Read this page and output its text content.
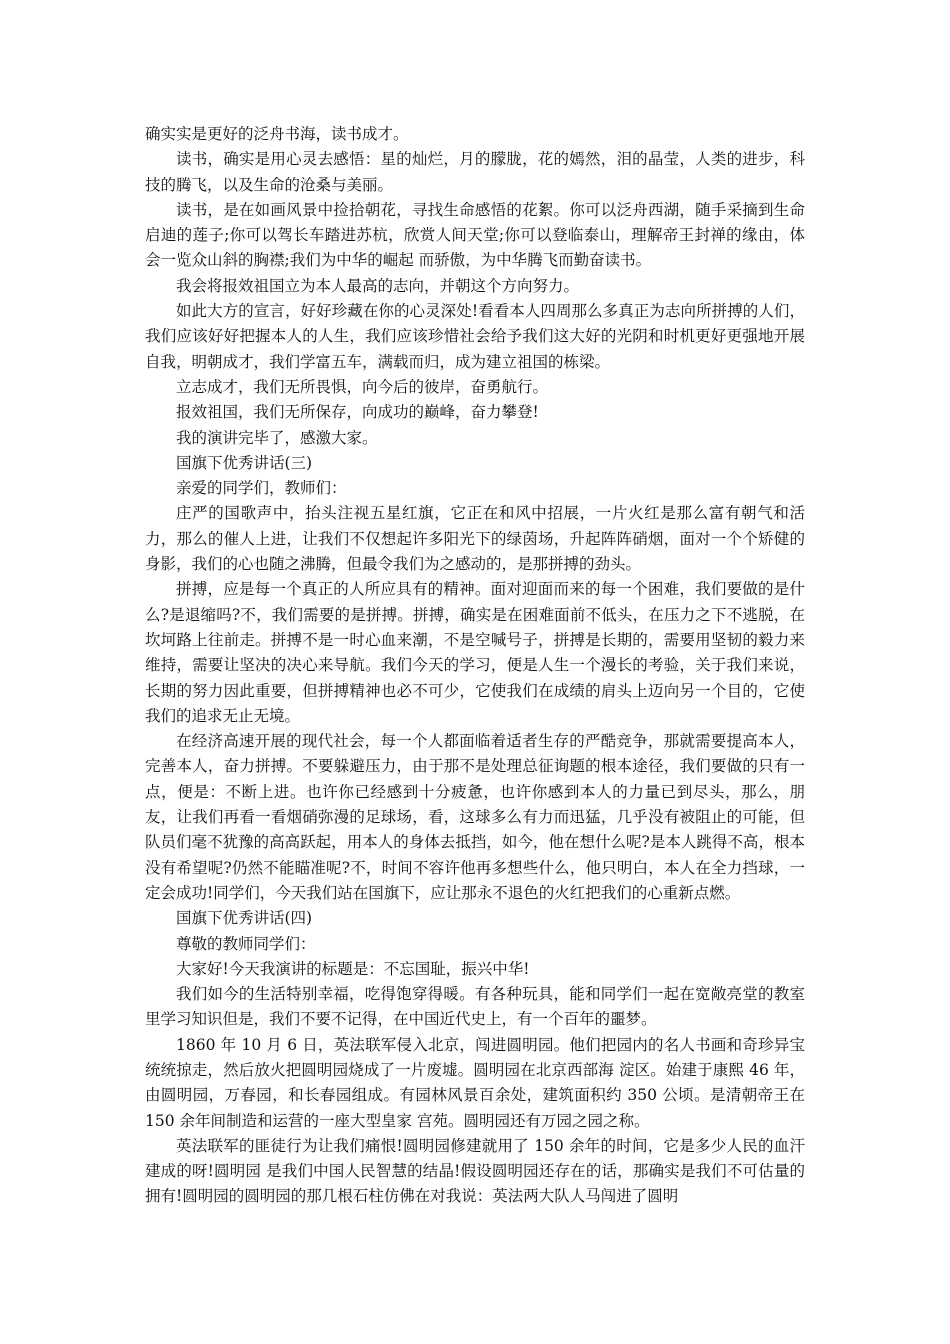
确实实是更好的泛舟书海，读书成才。

读书，确实是用心灵去感悟：星的灿烂，月的朦胧，花的嫣然，泪的晶莹，人类的进步，科技的腾飞，以及生命的沧桑与美丽。

读书，是在如画风景中捡拾朝花，寻找生命感悟的花絮。你可以泛舟西湖，随手采摘到生命启迪的莲子;你可以驾长车踏进苏杭，欣赏人间天堂;你可以登临泰山，理解帝王封禅的缘由，体会一览众山斜的胸襟;我们为中华的崛起 而骄傲，为中华腾飞而勤奋读书。

我会将报效祖国立为本人最高的志向，并朝这个方向努力。

如此大方的宣言，好好珍藏在你的心灵深处!看看本人四周那么多真正为志向所拼搏的人们，我们应该好好把握本人的人生，我们应该珍惜社会给予我们这大好的光阴和时机更好更强地开展自我，明朝成才，我们学富五车，满载而归，成为建立祖国的栋梁。

立志成才，我们无所畏惧，向今后的彼岸，奋勇航行。

报效祖国，我们无所保存，向成功的巅峰，奋力攀登!

我的演讲完毕了，感激大家。

国旗下优秀讲话(三)

亲爱的同学们，教师们：

庄严的国歌声中，抬头注视五星红旗，它正在和风中招展，一片火红是那么富有朝气和活力，那么的催人上进，让我们不仅想起许多阳光下的绿茵场，升起阵阵硝烟，面对一个个矫健的身影，我们的心也随之沸腾，但最令我们为之感动的，是那拼搏的劲头。

拼搏，应是每一个真正的人所应具有的精神。面对迎面而来的每一个困难，我们要做的是什么?是退缩吗?不，我们需要的是拼搏。拼搏，确实是在困难面前不低头，在压力之下不逃脱，在坎坷路上往前走。拼搏不是一时心血来潮，不是空喊号子，拼搏是长期的，需要用坚韧的毅力来维持，需要让坚决的决心来导航。我们今天的学习，便是人生一个漫长的考验，关于我们来说，长期的努力因此重要，但拼搏精神也必不可少，它使我们在成绩的肩头上迈向另一个目的，它使我们的追求无止无境。

在经济高速开展的现代社会，每一个人都面临着适者生存的严酷竞争，那就需要提高本人，完善本人，奋力拼搏。不要躲避压力，由于那不是处理总征询题的根本途径，我们要做的只有一点，便是：不断上进。也许你已经感到十分疲惫，也许你感到本人的力量已到尽头，那么，朋友，让我们再看一看烟硝弥漫的足球场，看，这球多么有力而迅猛，几乎没有被阻止的可能，但队员们毫不犹豫的高高跃起，用本人的身体去抵挡，如今，他在想什么呢?是本人跳得不高，根本没有希望呢?仍然不能瞄准呢?不，时间不容许他再多想些什么，他只明白，本人在全力挡球，一定会成功!同学们，今天我们站在国旗下，应让那永不退色的火红把我们的心重新点燃。

国旗下优秀讲话(四)

尊敬的教师同学们：

大家好!今天我演讲的标题是：不忘国耻，振兴中华!

我们如今的生活特别幸福，吃得饱穿得暖。有各种玩具，能和同学们一起在宽敞亮堂的教室里学习知识但是，我们不要不记得，在中国近代史上，有一个百年的噩梦。

1860 年 10 月 6 日，英法联军侵入北京，闯进圆明园。他们把园内的名人书画和奇珍异宝统统掠走，然后放火把圆明园烧成了一片废墟。圆明园在北京西部海 淀区。始建于康熙 46 年，由圆明园，万春园，和长春园组成。有园林风景百余处，建筑面积约 350 公顷。是清朝帝王在 150 余年间制造和运营的一座大型皇家 宫苑。圆明园还有万园之园之称。

英法联军的匪徒行为让我们痛恨!圆明园修建就用了 150 余年的时间，它是多少人民的血汗建成的呀!圆明园 是我们中国人民智慧的结晶!假设圆明园还存在的话，那确实是我们不可估量的拥有!圆明园的圆明园的那几根石柱仿佛在对我说：英法两大队人马闯进了圆明
